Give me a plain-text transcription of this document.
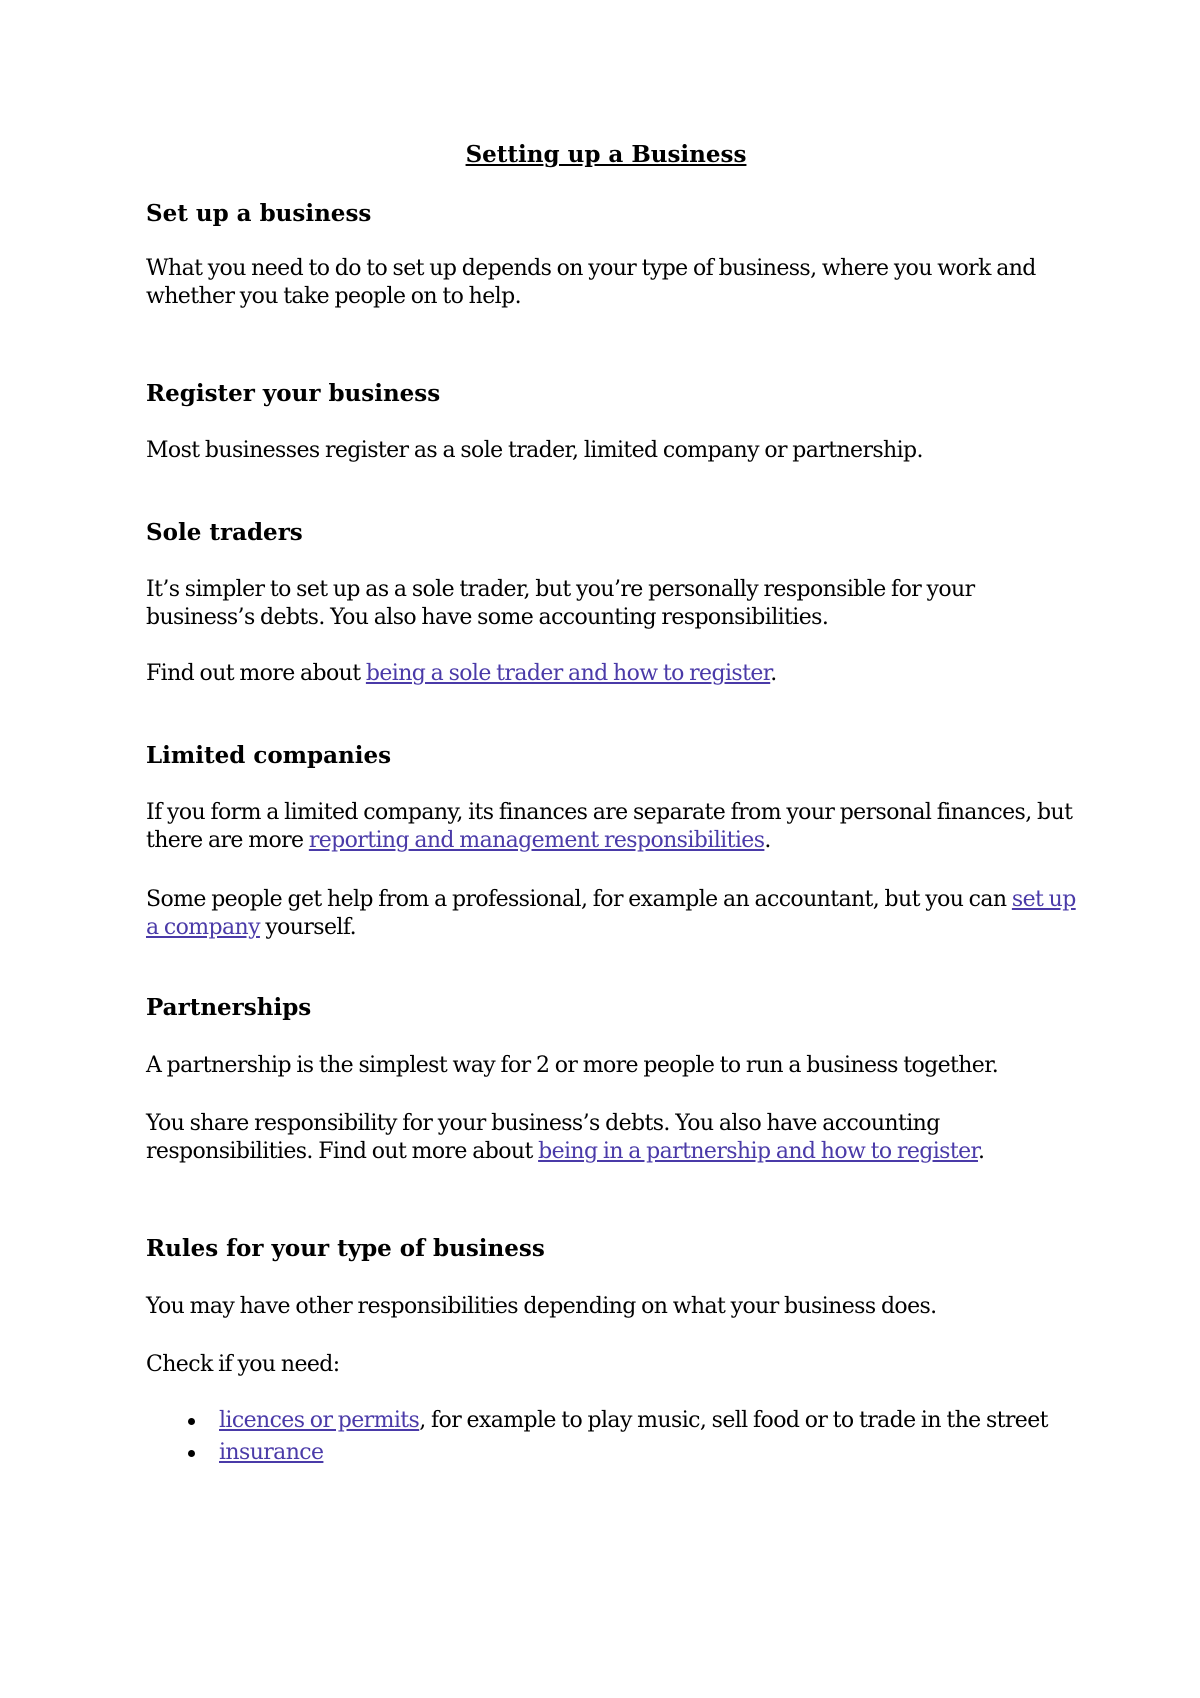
Setting up a Business
Set up a business

What you need to do to set up depends on your type of business, where you work and whether you take people on to help.

Register your business

Most businesses register as a sole trader, limited company or partnership.

Sole traders

It’s simpler to set up as a sole trader, but you’re personally responsible for your business’s debts. You also have some accounting responsibilities.

Find out more about being a sole trader and how to register.

Limited companies

If you form a limited company, its finances are separate from your personal finances, but there are more reporting and management responsibilities.

Some people get help from a professional, for example an accountant, but you can set up a company yourself.

Partnerships

A partnership is the simplest way for 2 or more people to run a business together.

You share responsibility for your business’s debts. You also have accounting responsibilities. Find out more about being in a partnership and how to register.

Rules for your type of business

You may have other responsibilities depending on what your business does.

Check if you need:

licences or permits, for example to play music, sell food or to trade in the street
insurance
